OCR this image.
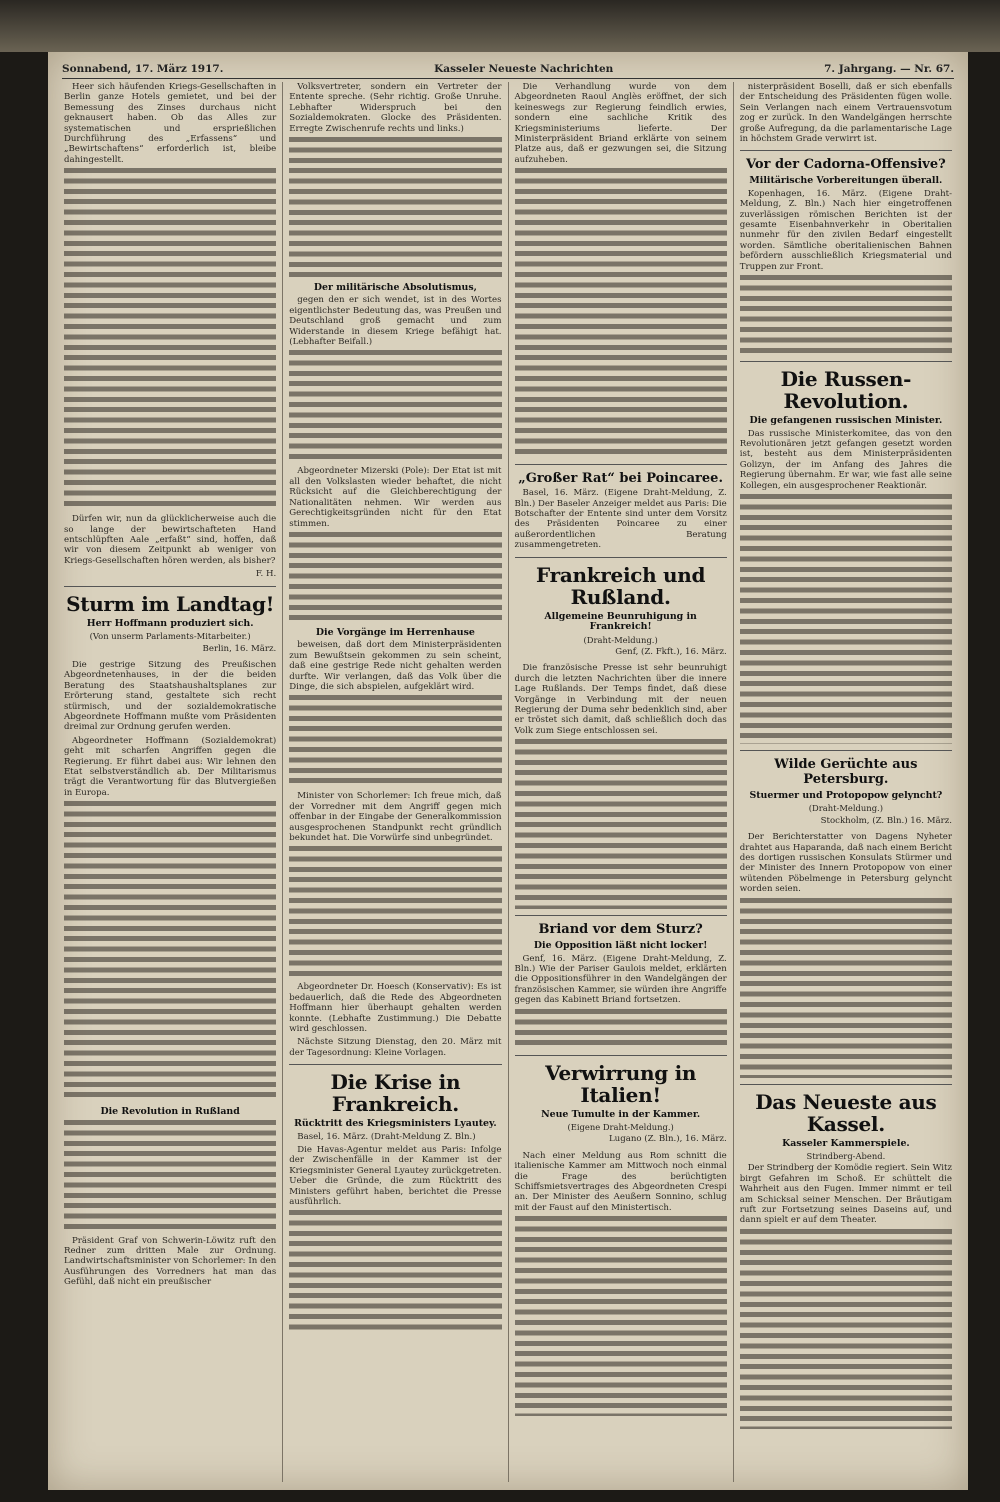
Sonnabend, 17. März 1917.	Kasseler Neueste Nachrichten	7. Jahrgang. — Nr. 67.

Heer sich häufenden Kriegs-Gesellschaften in Berlin ganze Hotels gemietet, und bei der Bemessung des Zinses durchaus nicht geknausert haben. Ob das Alles zur systematischen und ersprießlichen Durchführung des „Erfassens“ und „Bewirtschaftens“ erforderlich ist, bleibe dahingestellt.

Dürfen wir, nun da glücklicherweise auch die so lange der bewirtschafteten Hand entschlüpften Aale „erfaßt“ sind, hoffen, daß wir von diesem Zeitpunkt ab weniger von Kriegs-Gesellschaften hören werden, als bisher?

F. H.

Sturm im Landtag!
Herr Hoffmann produziert sich.
(Von unserm Parlaments-Mitarbeiter.)
Berlin, 16. März.

Die gestrige Sitzung des Preußischen Abgeordnetenhauses, in der die beiden Beratung des Staatshaushaltsplanes zur Erörterung stand, gestaltete sich recht stürmisch, und der sozialdemokratische Abgeordnete Hoffmann mußte vom Präsidenten dreimal zur Ordnung gerufen werden.

Abgeordneter Hoffmann (Sozialdemokrat) geht mit scharfen Angriffen gegen die Regierung. Er führt dabei aus: Wir lehnen den Etat selbstverständlich ab. Der Militarismus trägt die Verantwortung für das Blutvergießen in Europa.

Die Revolution in Rußland

Präsident Graf von Schwerin-Löwitz ruft den Redner zum dritten Male zur Ordnung. Landwirtschaftsminister von Schorlemer: In den Ausführungen des Vorredners hat man das Gefühl, daß nicht ein preußischer

Volksvertreter, sondern ein Vertreter der Entente spreche. (Sehr richtig. Große Unruhe. Lebhafter Widerspruch bei den Sozialdemokraten. Glocke des Präsidenten. Erregte Zwischenrufe rechts und links.)

Der militärische Absolutismus,

gegen den er sich wendet, ist in des Wortes eigentlichster Bedeutung das, was Preußen und Deutschland groß gemacht und zum Widerstande in diesem Kriege befähigt hat. (Lebhafter Beifall.)

Abgeordneter Mizerski (Pole): Der Etat ist mit all den Volkslasten wieder behaftet, die nicht Rücksicht auf die Gleichberechtigung der Nationalitäten nehmen. Wir werden aus Gerechtigkeitsgründen nicht für den Etat stimmen.

Die Vorgänge im Herrenhause

beweisen, daß dort dem Ministerpräsidenten zum Bewußtsein gekommen zu sein scheint, daß eine gestrige Rede nicht gehalten werden durfte. Wir verlangen, daß das Volk über die Dinge, die sich abspielen, aufgeklärt wird.

Minister von Schorlemer: Ich freue mich, daß der Vorredner mit dem Angriff gegen mich offenbar in der Eingabe der Generalkommission ausgesprochenen Standpunkt recht gründlich bekundet hat. Die Vorwürfe sind unbegründet.

Abgeordneter Dr. Hoesch (Konservativ): Es ist bedauerlich, daß die Rede des Abgeordneten Hoffmann hier überhaupt gehalten werden konnte. (Lebhafte Zustimmung.) Die Debatte wird geschlossen.

Nächste Sitzung Dienstag, den 20. März mit der Tagesordnung: Kleine Vorlagen.

Die Krise in Frankreich.
Rücktritt des Kriegsministers Lyautey.

Basel, 16. März. (Draht-Meldung Z. Bln.)

Die Havas-Agentur meldet aus Paris: Infolge der Zwischenfälle in der Kammer ist der Kriegsminister General Lyautey zurückgetreten. Ueber die Gründe, die zum Rücktritt des Ministers geführt haben, berichtet die Presse ausführlich.

Die Verhandlung wurde von dem Abgeordneten Raoul Anglès eröffnet, der sich keineswegs zur Regierung feindlich erwies, sondern eine sachliche Kritik des Kriegsministeriums lieferte. Der Ministerpräsident Briand erklärte von seinem Platze aus, daß er gezwungen sei, die Sitzung aufzuheben.

„Großer Rat“ bei Poincaree.

Basel, 16. März. (Eigene Draht-Meldung, Z. Bln.) Der Baseler Anzeiger meldet aus Paris: Die Botschafter der Entente sind unter dem Vorsitz des Präsidenten Poincaree zu einer außerordentlichen Beratung zusammengetreten.

Frankreich und Rußland.
Allgemeine Beunruhigung in Frankreich!
(Draht-Meldung.)
Genf, (Z. Fkft.), 16. März.

Die französische Presse ist sehr beunruhigt durch die letzten Nachrichten über die innere Lage Rußlands. Der Temps findet, daß diese Vorgänge in Verbindung mit der neuen Regierung der Duma sehr bedenklich sind, aber er tröstet sich damit, daß schließlich doch das Volk zum Siege entschlossen sei.

Briand vor dem Sturz?
Die Opposition läßt nicht locker!

Genf, 16. März. (Eigene Draht-Meldung, Z. Bln.) Wie der Pariser Gaulois meldet, erklärten die Oppositionsführer in den Wandelgängen der französischen Kammer, sie würden ihre Angriffe gegen das Kabinett Briand fortsetzen.

Verwirrung in Italien!
Neue Tumulte in der Kammer.
(Eigene Draht-Meldung.)
Lugano (Z. Bln.), 16. März.

Nach einer Meldung aus Rom schnitt die italienische Kammer am Mittwoch noch einmal die Frage des berüchtigten Schiffsmietsvertrages des Abgeordneten Crespi an. Der Minister des Aeußern Sonnino, schlug mit der Faust auf den Ministertisch.

nisterpräsident Boselli, daß er sich ebenfalls der Entscheidung des Präsidenten fügen wolle. Sein Verlangen nach einem Vertrauensvotum zog er zurück. In den Wandelgängen herrschte große Aufregung, da die parlamentarische Lage in höchstem Grade verwirrt ist.

Vor der Cadorna-Offensive?
Militärische Vorbereitungen überall.

Kopenhagen, 16. März. (Eigene Draht-Meldung, Z. Bln.) Nach hier eingetroffenen zuverlässigen römischen Berichten ist der gesamte Eisenbahnverkehr in Oberitalien nunmehr für den zivilen Bedarf eingestellt worden. Sämtliche oberitalienischen Bahnen befördern ausschließlich Kriegsmaterial und Truppen zur Front.

Die Russen-Revolution.
Die gefangenen russischen Minister.

Das russische Ministerkomitee, das von den Revolutionären jetzt gefangen gesetzt worden ist, besteht aus dem Ministerpräsidenten Golizyn, der im Anfang des Jahres die Regierung übernahm. Er war, wie fast alle seine Kollegen, ein ausgesprochener Reaktionär.

Wilde Gerüchte aus Petersburg.
Stuermer und Protopopow gelyncht?
(Draht-Meldung.)
Stockholm, (Z. Bln.) 16. März.

Der Berichterstatter von Dagens Nyheter drahtet aus Haparanda, daß nach einem Bericht des dortigen russischen Konsulats Stürmer und der Minister des Innern Protopopow von einer wütenden Pöbelmenge in Petersburg gelyncht worden seien.

Das Neueste aus Kassel.
Kasseler Kammerspiele.
Strindberg-Abend.

Der Strindberg der Komödie regiert. Sein Witz birgt Gefahren im Schoß. Er schüttelt die Wahrheit aus den Fugen. Immer nimmt er teil am Schicksal seiner Menschen. Der Bräutigam ruft zur Fortsetzung seines Daseins auf, und dann spielt er auf dem Theater.
